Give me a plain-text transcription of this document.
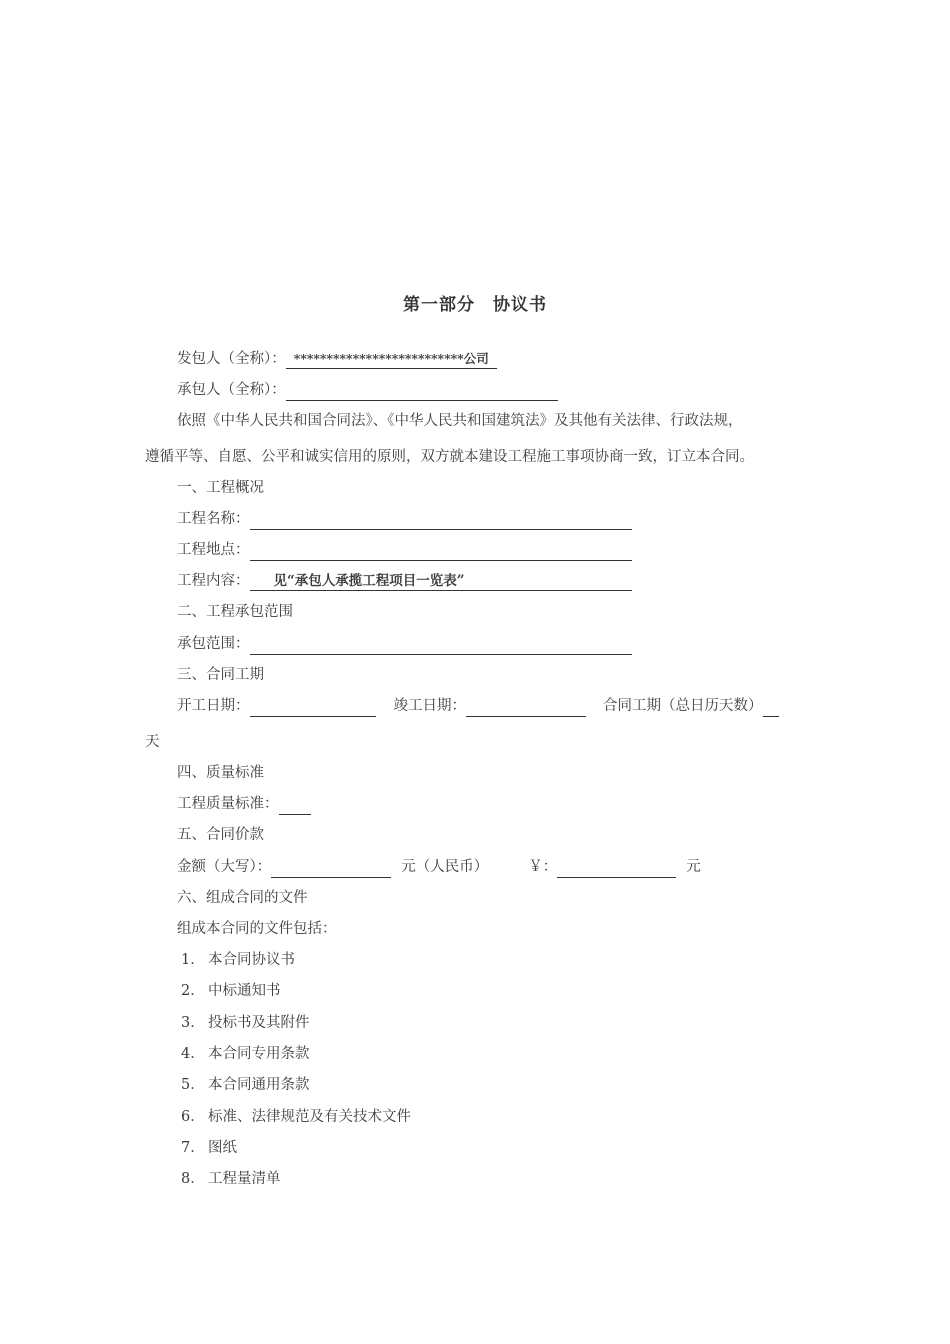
第一部分　协议书
发包人（全称）： **************************公司
承包人（全称）：
依照《中华人民共和国合同法》、《中华人民共和国建筑法》及其他有关法律、行政法规，
遵循平等、自愿、公平和诚实信用的原则，双方就本建设工程施工事项协商一致，订立本合同。
一、工程概况
工程名称：
工程地点：
工程内容： 见“承包人承揽工程项目一览表”
二、工程承包范围
承包范围：
三、合同工期
开工日期：	竣工日期：	合同工期（总日历天数）
天
四、质量标准
工程质量标准：
五、合同价款
金额（大写）：	元（人民币）	￥：	元
六、组成合同的文件
组成本合同的文件包括：
1． 本合同协议书
2． 中标通知书
3． 投标书及其附件
4． 本合同专用条款
5． 本合同通用条款
6． 标准、法律规范及有关技术文件
7． 图纸
8． 工程量清单
